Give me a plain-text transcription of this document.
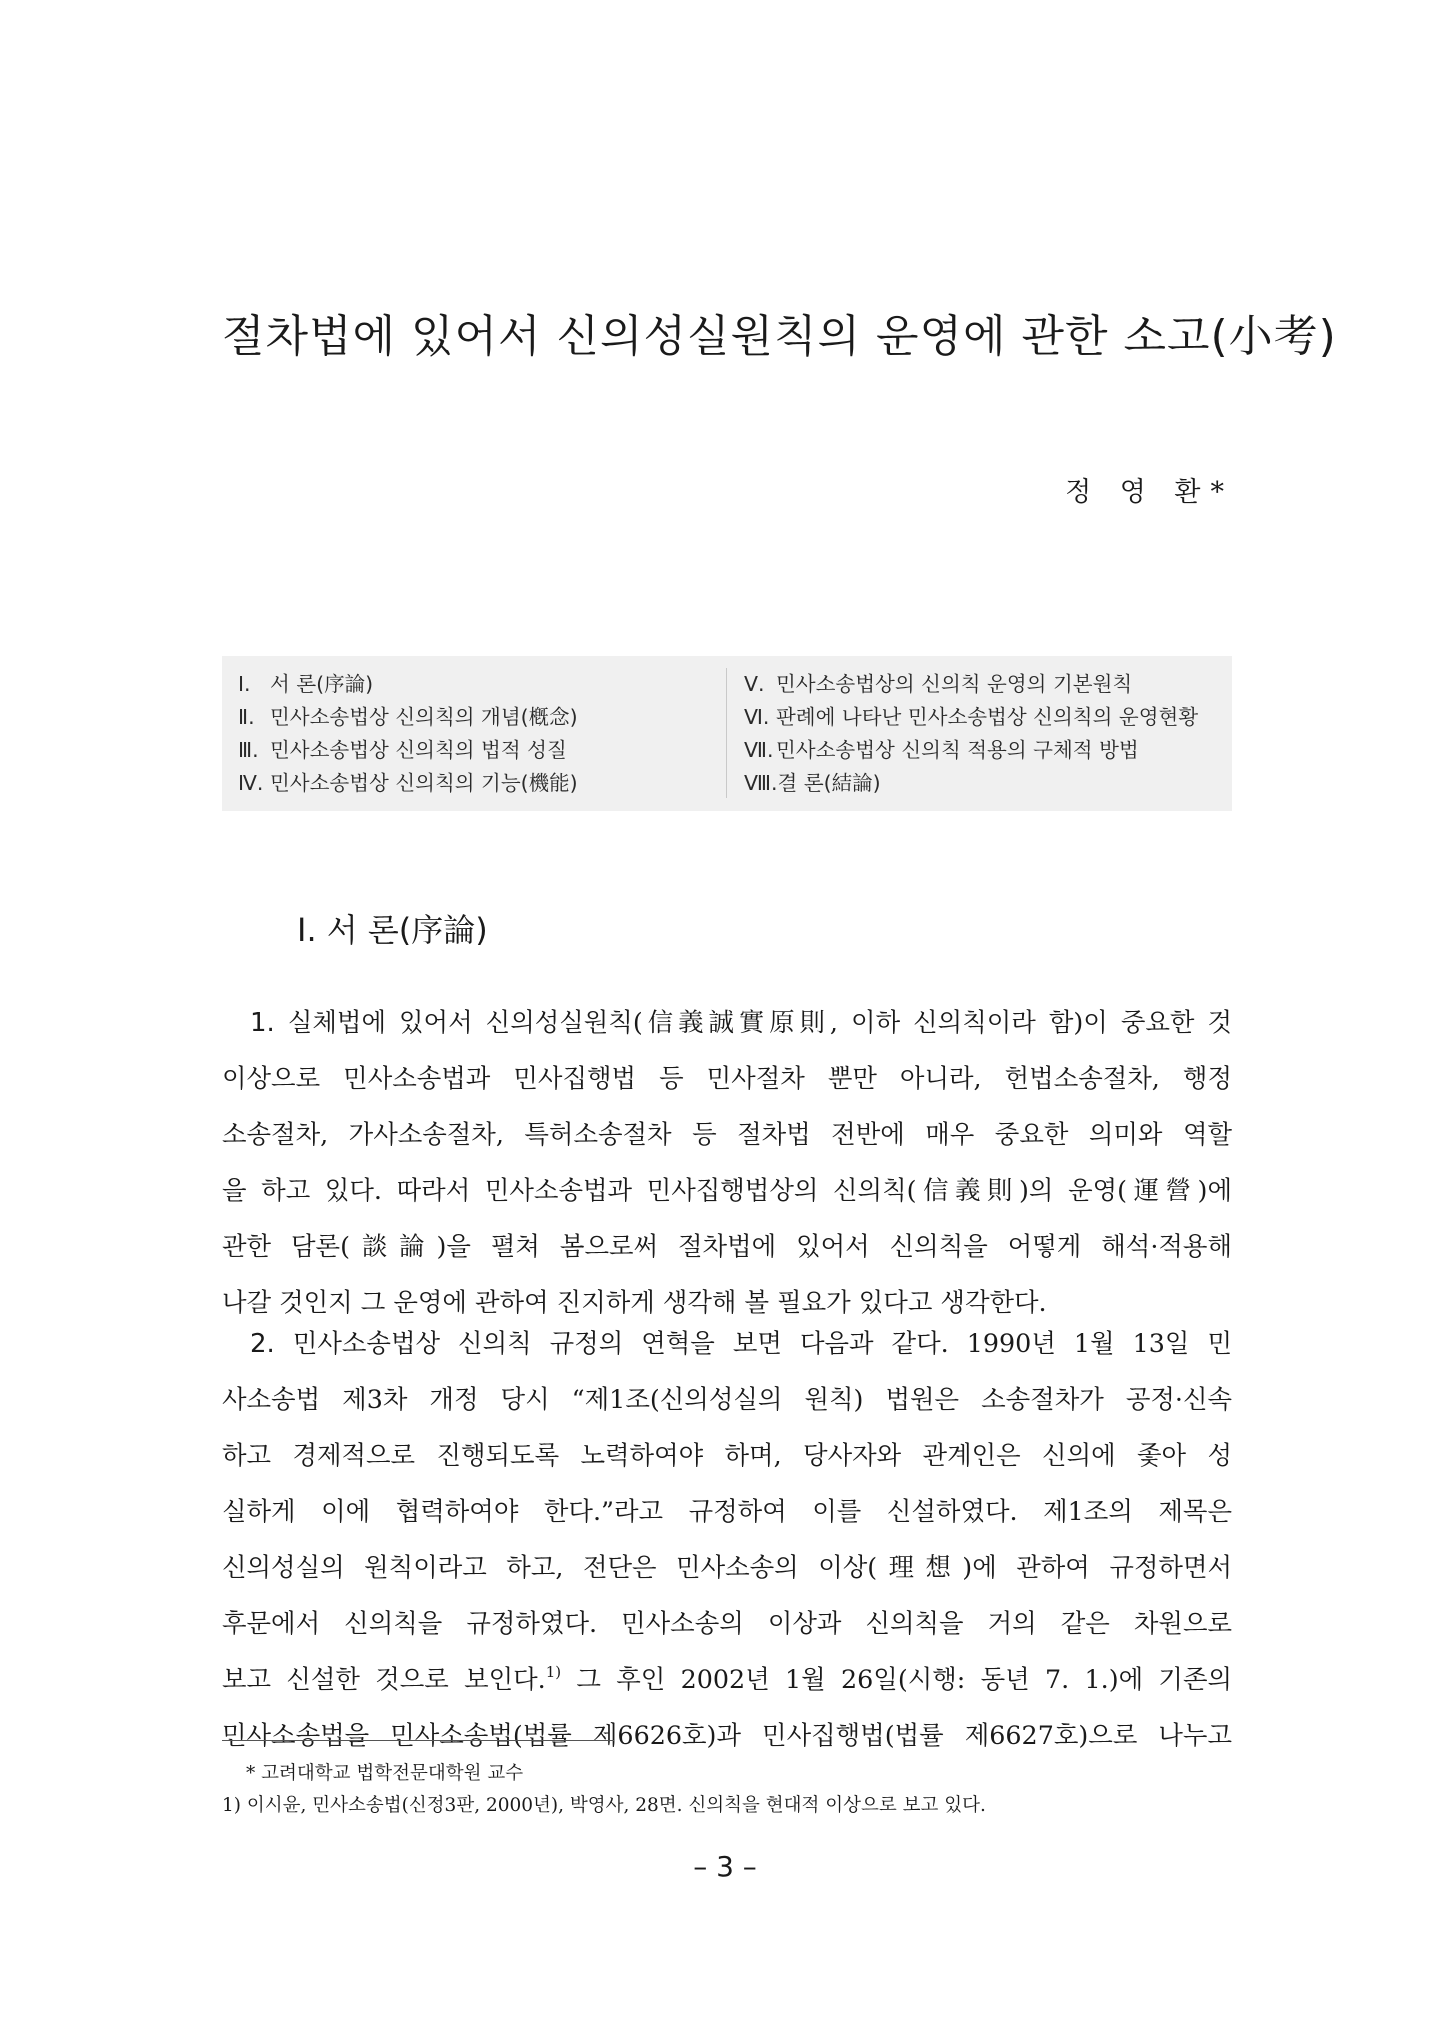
절차법에 있어서 신의성실원칙의 운영에 관한 소고(小考)
정 영 환*
Ⅰ. 서 론(序論)
Ⅱ. 민사소송법상 신의칙의 개념(槪念)
Ⅲ. 민사소송법상 신의칙의 법적 성질
Ⅳ. 민사소송법상 신의칙의 기능(機能)
Ⅴ. 민사소송법상의 신의칙 운영의 기본원칙
Ⅵ. 판례에 나타난 민사소송법상 신의칙의 운영현황
Ⅶ. 민사소송법상 신의칙 적용의 구체적 방법
Ⅷ.결 론(結論)
Ⅰ. 서 론(序論)
1. 실체법에 있어서 신의성실원칙(信義誠實原則, 이하 신의칙이라 함)이 중요한 것
이상으로 민사소송법과 민사집행법 등 민사절차 뿐만 아니라, 헌법소송절차, 행정
소송절차, 가사소송절차, 특허소송절차 등 절차법 전반에 매우 중요한 의미와 역할
을 하고 있다. 따라서 민사소송법과 민사집행법상의 신의칙(信義則)의 운영(運營)에
관한 담론(談論)을 펼쳐 봄으로써 절차법에 있어서 신의칙을 어떻게 해석·적용해
나갈 것인지 그 운영에 관하여 진지하게 생각해 볼 필요가 있다고 생각한다.
2. 민사소송법상 신의칙 규정의 연혁을 보면 다음과 같다. 1990년 1월 13일 민
사소송법 제3차 개정 당시 “제1조(신의성실의 원칙) 법원은 소송절차가 공정·신속
하고 경제적으로 진행되도록 노력하여야 하며, 당사자와 관계인은 신의에 좇아 성
실하게 이에 협력하여야 한다.”라고 규정하여 이를 신설하였다. 제1조의 제목은
신의성실의 원칙이라고 하고, 전단은 민사소송의 이상(理想)에 관하여 규정하면서
후문에서 신의칙을 규정하였다. 민사소송의 이상과 신의칙을 거의 같은 차원으로
보고 신설한 것으로 보인다.$^{1)}$ 그 후인 2002년 1월 26일(시행: 동년 7. 1.)에 기존의
민사소송법을 민사소송법(법률 제6626호)과 민사집행법(법률 제6627호)으로 나누고
* 고려대학교 법학전문대학원 교수
1) 이시윤, 민사소송법(신정3판, 2000년), 박영사, 28면. 신의칙을 현대적 이상으로 보고 있다.
– 3 –
